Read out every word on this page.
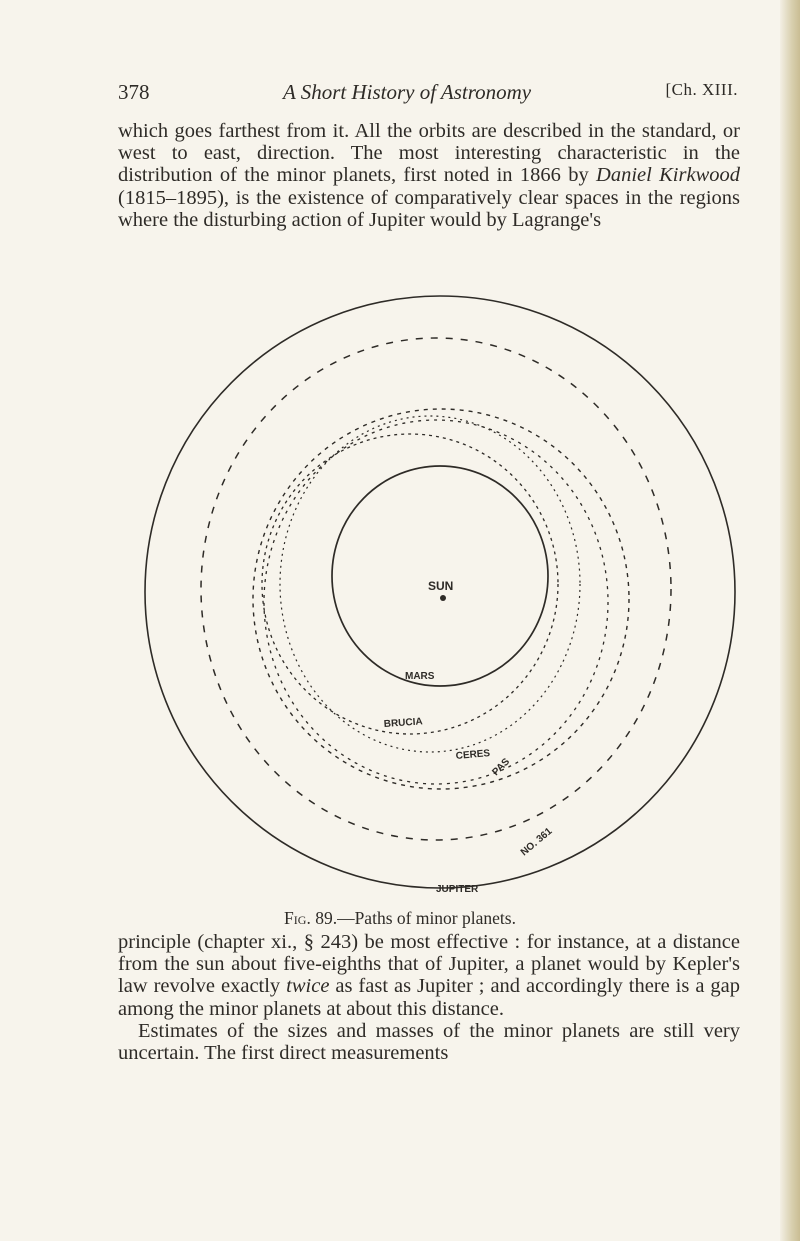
378	A Short History of Astronomy	[Ch. XIII.

which goes farthest from it. All the orbits are described in the standard, or west to east, direction. The most interesting characteristic in the distribution of the minor planets, first noted in 1866 by Daniel Kirkwood (1815–1895), is the existence of comparatively clear spaces in the regions where the disturbing action of Jupiter would by Lagrange's

SUN
MARS
BRUCIA
CERES
PAS
NO. 361
JUPITER
Fig. 89.—Paths of minor planets.

principle (chapter xi., § 243) be most effective : for instance, at a distance from the sun about five-eighths that of Jupiter, a planet would by Kepler's law revolve exactly twice as fast as Jupiter ; and accordingly there is a gap among the minor planets at about this distance.

Estimates of the sizes and masses of the minor planets are still very uncertain. The first direct measurements
